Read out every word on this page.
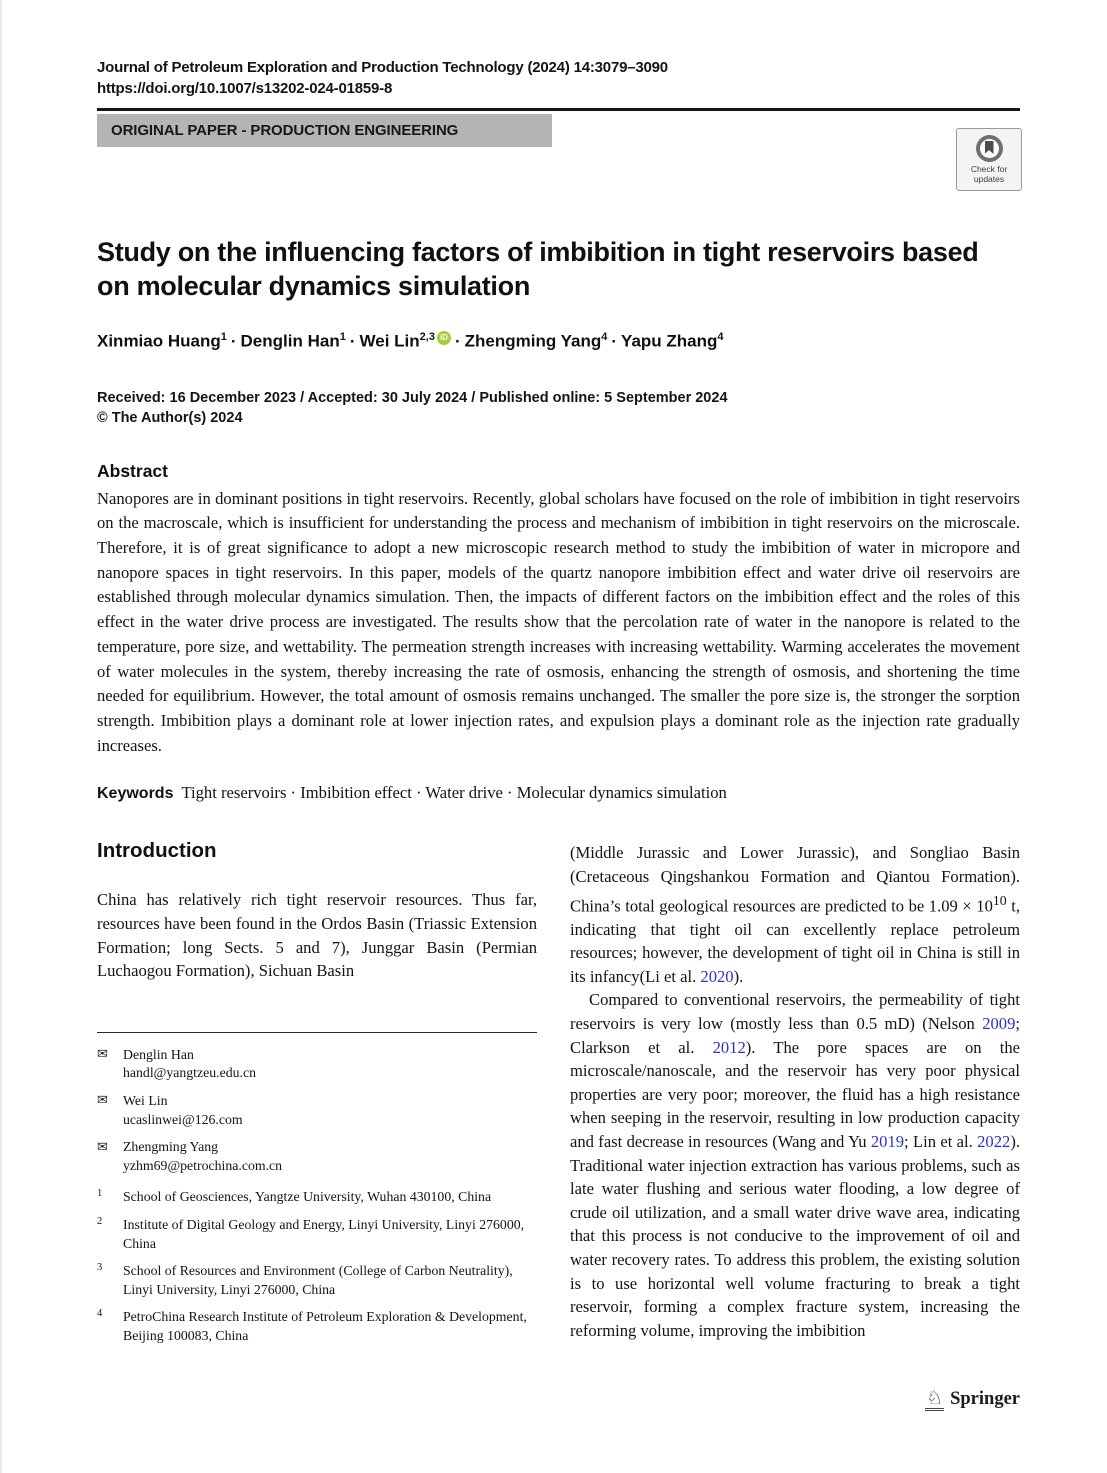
Journal of Petroleum Exploration and Production Technology (2024) 14:3079–3090
https://doi.org/10.1007/s13202-024-01859-8
ORIGINAL PAPER - PRODUCTION ENGINEERING
Check for
updates
Study on the influencing factors of imbibition in tight reservoirs based on molecular dynamics simulation
Xinmiao Huang$^1$ · Denglin Han$^1$ · Wei Lin$^{2,3}$ iD · Zhengming Yang$^4$ · Yapu Zhang$^4$
Received: 16 December 2023 / Accepted: 30 July 2024 / Published online: 5 September 2024
© The Author(s) 2024
Abstract

Nanopores are in dominant positions in tight reservoirs. Recently, global scholars have focused on the role of imbibition in tight reservoirs on the macroscale, which is insufficient for understanding the process and mechanism of imbibition in tight reservoirs on the microscale. Therefore, it is of great significance to adopt a new microscopic research method to study the imbibition of water in micropore and nanopore spaces in tight reservoirs. In this paper, models of the quartz nanopore imbibition effect and water drive oil reservoirs are established through molecular dynamics simulation. Then, the impacts of different factors on the imbibition effect and the roles of this effect in the water drive process are investigated. The results show that the percolation rate of water in the nanopore is related to the temperature, pore size, and wettability. The permeation strength increases with increasing wettability. Warming accelerates the movement of water molecules in the system, thereby increasing the rate of osmosis, enhancing the strength of osmosis, and shortening the time needed for equilibrium. However, the total amount of osmosis remains unchanged. The smaller the pore size is, the stronger the sorption strength. Imbibition plays a dominant role at lower injection rates, and expulsion plays a dominant role as the injection rate gradually increases.

Keywords Tight reservoirs · Imbibition effect · Water drive · Molecular dynamics simulation
Introduction

China has relatively rich tight reservoir resources. Thus far, resources have been found in the Ordos Basin (Triassic Extension Formation; long Sects. 5 and 7), Junggar Basin (Permian Luchaogou Formation), Sichuan Basin

✉	Denglin Han
handl@yangtzeu.edu.cn
✉	Wei Lin
ucaslinwei@126.com
✉	Zhengming Yang
yzhm69@petrochina.com.cn
1	School of Geosciences, Yangtze University, Wuhan 430100, China
2	Institute of Digital Geology and Energy, Linyi University, Linyi 276000, China
3	School of Resources and Environment (College of Carbon Neutrality), Linyi University, Linyi 276000, China
4	PetroChina Research Institute of Petroleum Exploration & Development, Beijing 100083, China

(Middle Jurassic and Lower Jurassic), and Songliao Basin (Cretaceous Qingshankou Formation and Qiantou Formation). China’s total geological resources are predicted to be $1.09 \times 10^{10}$ t, indicating that tight oil can excellently replace petroleum resources; however, the development of tight oil in China is still in its infancy(Li et al. 2020).

Compared to conventional reservoirs, the permeability of tight reservoirs is very low (mostly less than 0.5 mD) (Nelson 2009; Clarkson et al. 2012). The pore spaces are on the microscale/nanoscale, and the reservoir has very poor physical properties are very poor; moreover, the fluid has a high resistance when seeping in the reservoir, resulting in low production capacity and fast decrease in resources (Wang and Yu 2019; Lin et al. 2022). Traditional water injection extraction has various problems, such as late water flushing and serious water flooding, a low degree of crude oil utilization, and a small water drive wave area, indicating that this process is not conducive to the improvement of oil and water recovery rates. To address this problem, the existing solution is to use horizontal well volume fracturing to break a tight reservoir, forming a complex fracture system, increasing the reforming volume, improving the imbibition

♘ Springer
